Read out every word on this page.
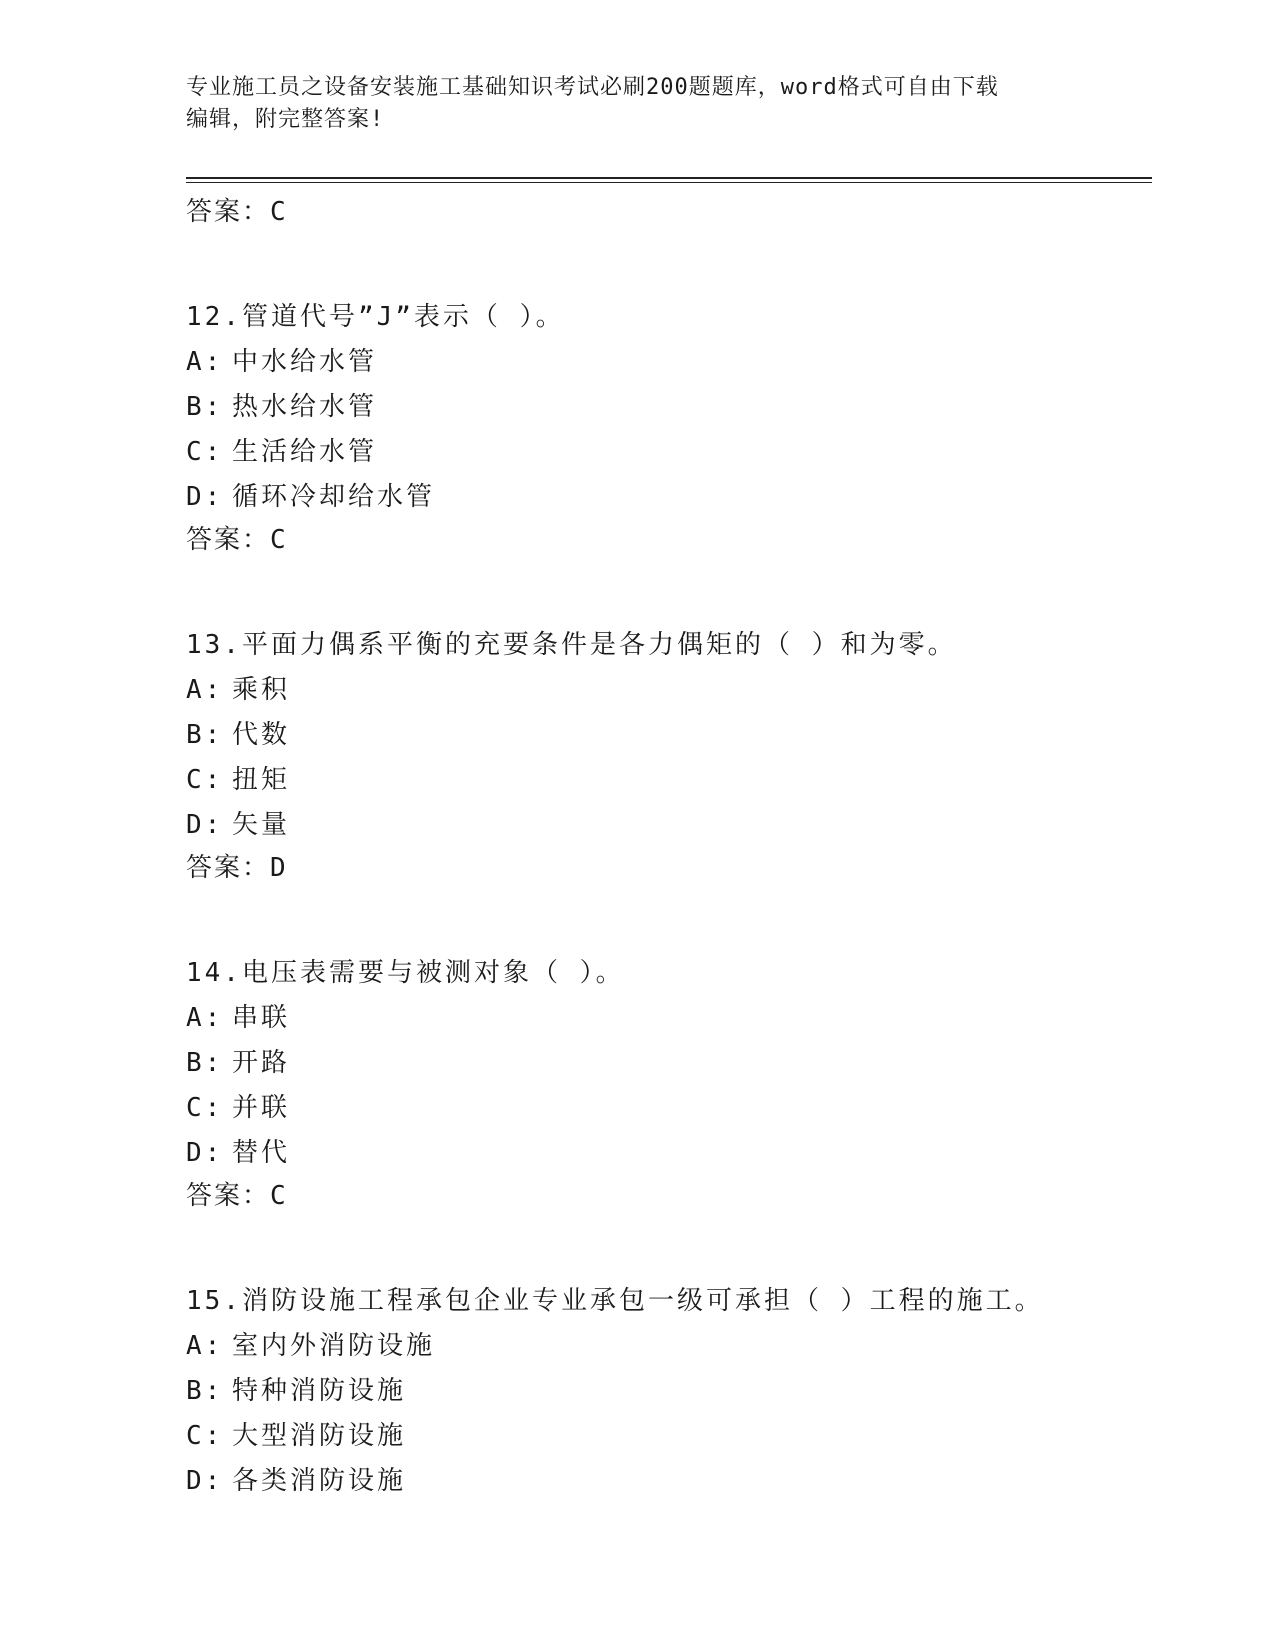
专业施工员之设备安装施工基础知识考试必刷200题题库，word格式可自由下载
编辑，附完整答案!
答案：C
12.管道代号”J”表示（ ）。
A: 中水给水管
B: 热水给水管
C: 生活给水管
D: 循环冷却给水管
答案：C
13.平面力偶系平衡的充要条件是各力偶矩的（ ）和为零。
A: 乘积
B: 代数
C: 扭矩
D: 矢量
答案：D
14.电压表需要与被测对象（ ）。
A: 串联
B: 开路
C: 并联
D: 替代
答案：C
15.消防设施工程承包企业专业承包一级可承担（ ）工程的施工。
A: 室内外消防设施
B: 特种消防设施
C: 大型消防设施
D: 各类消防设施
